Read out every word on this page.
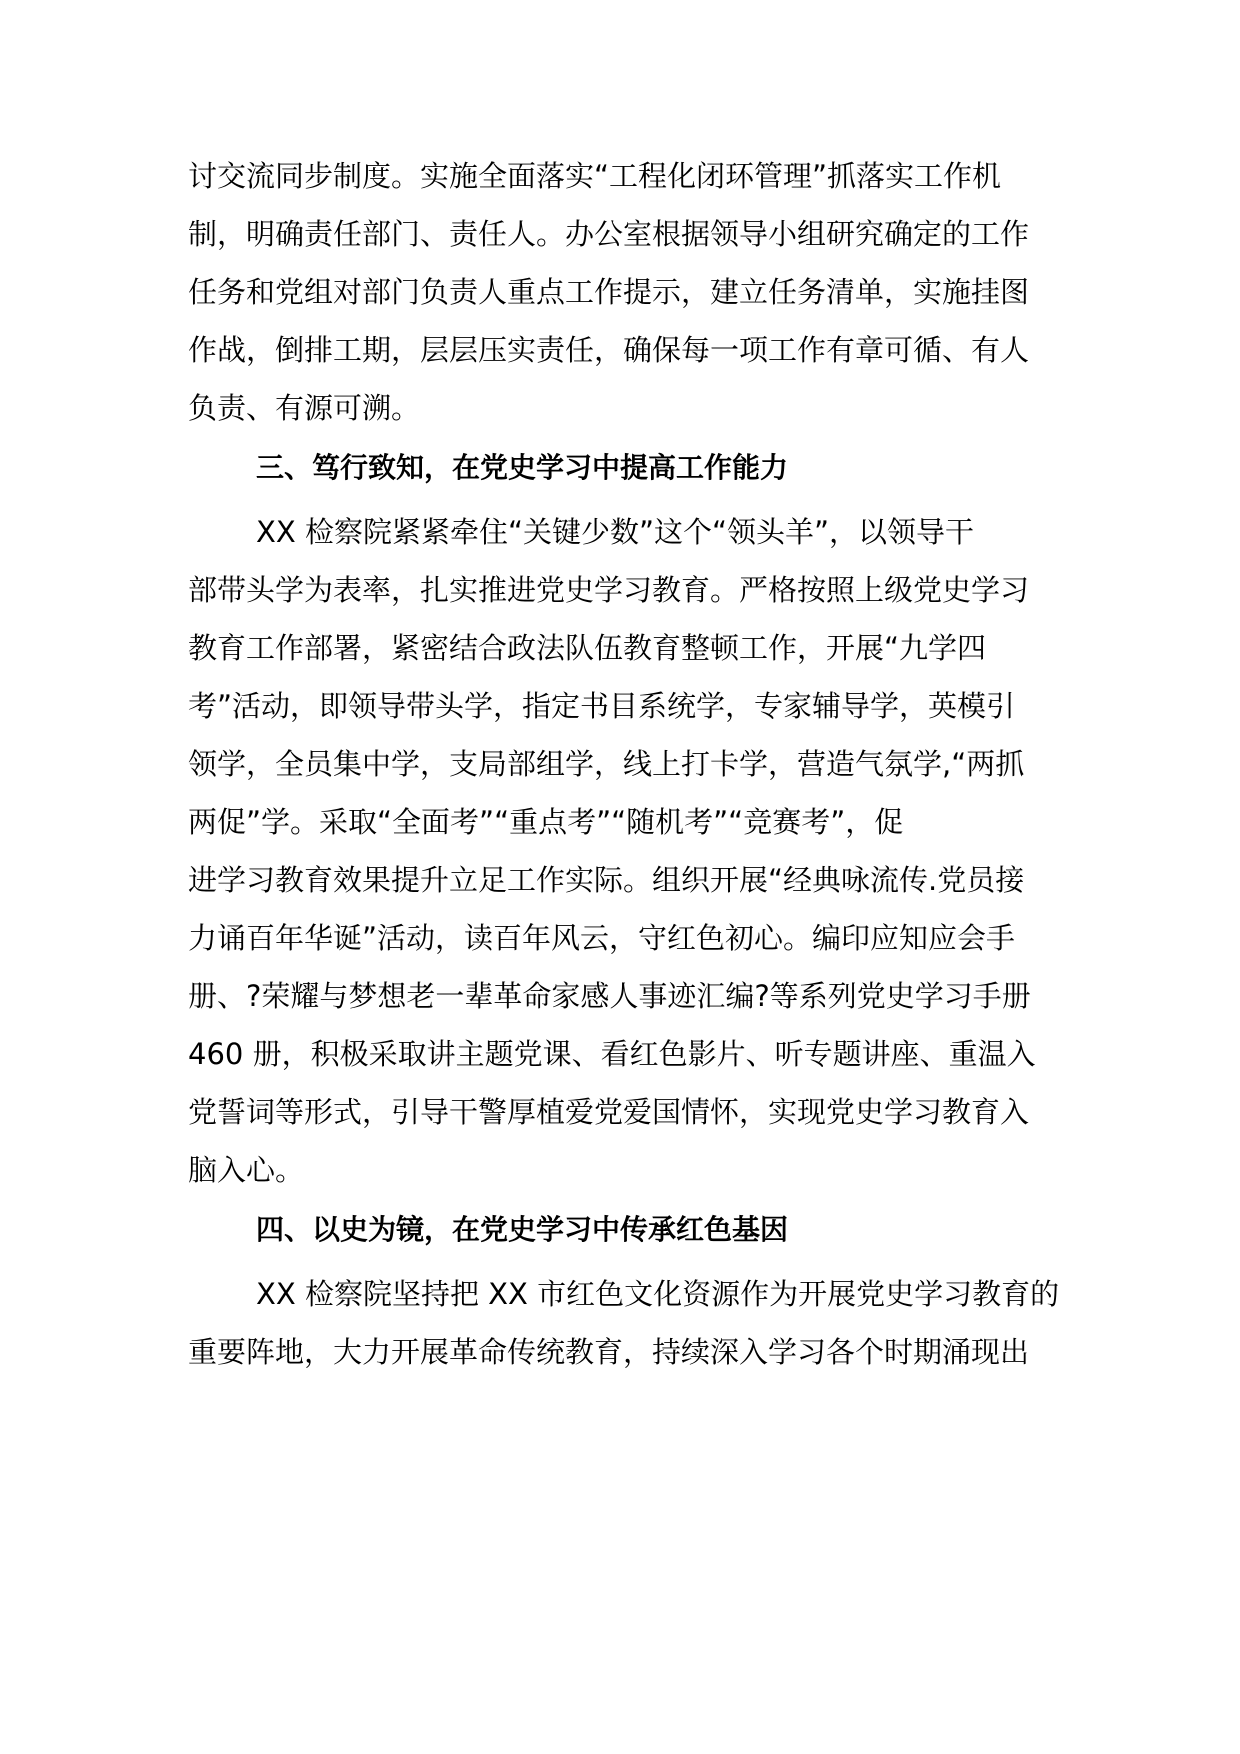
讨交流同步制度。实施全面落实“工程化闭环管理”抓落实工作机
制，明确责任部门、责任人。办公室根据领导小组研究确定的工作
任务和党组对部门负责人重点工作提示，建立任务清单，实施挂图
作战，倒排工期，层层压实责任，确保每一项工作有章可循、有人
负责、有源可溯。
三、笃行致知，在党史学习中提高工作能力
XX 检察院紧紧牵住“关键少数”这个“领头羊”，以领导干
部带头学为表率，扎实推进党史学习教育。严格按照上级党史学习
教育工作部署，紧密结合政法队伍教育整顿工作，开展“九学四
考”活动，即领导带头学，指定书目系统学，专家辅导学，英模引
领学，全员集中学，支局部组学，线上打卡学，营造气氛学,“两抓
两促”学。采取“全面考”“重点考”“随机考”“竞赛考”，促
进学习教育效果提升立足工作实际。组织开展“经典咏流传.党员接
力诵百年华诞”活动，读百年风云，守红色初心。编印应知应会手
册、?荣耀与梦想老一辈革命家感人事迹汇编?等系列党史学习手册
460 册，积极采取讲主题党课、看红色影片、听专题讲座、重温入
党誓词等形式，引导干警厚植爱党爱国情怀，实现党史学习教育入
脑入心。
四、以史为镜，在党史学习中传承红色基因
XX 检察院坚持把 XX 市红色文化资源作为开展党史学习教育的
重要阵地，大力开展革命传统教育，持续深入学习各个时期涌现出
